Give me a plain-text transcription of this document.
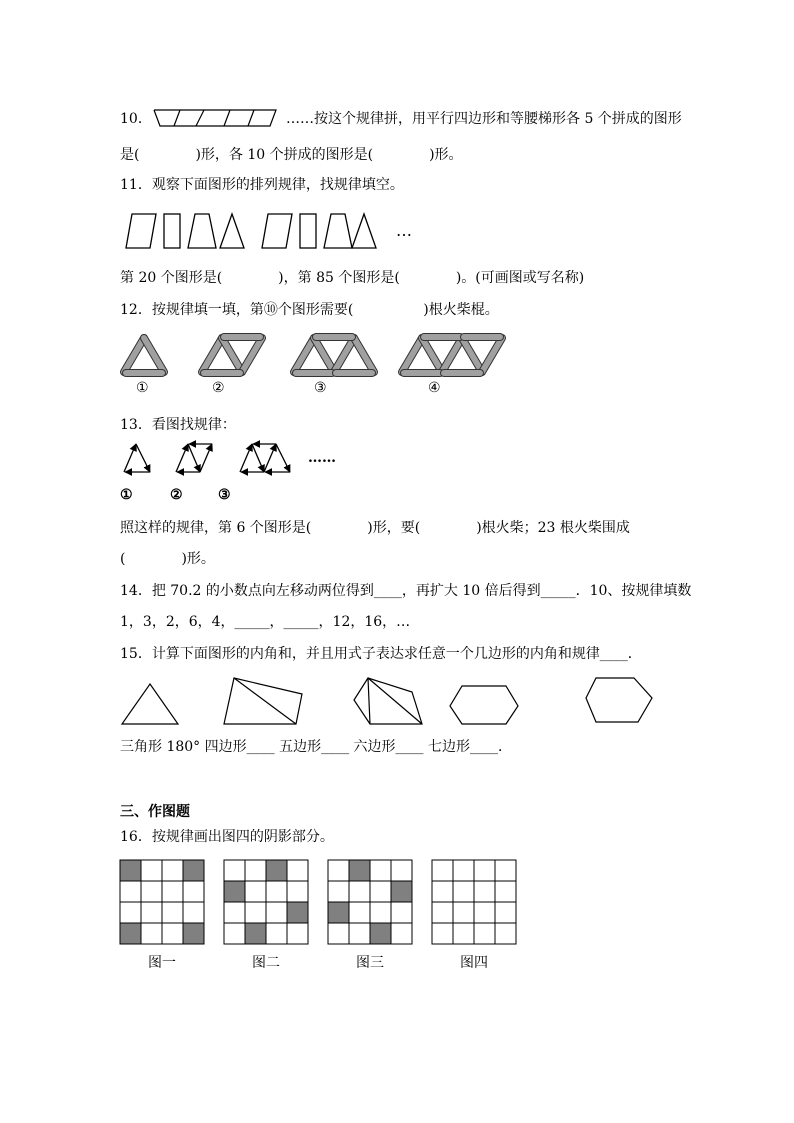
10．	……按这个规律拼，用平行四边形和等腰梯形各 5 个拼成的图形
是(　　　　)形，各 10 个拼成的图形是(　　　　)形。
11．观察下面图形的排列规律，找规律填空。
…
第 20 个图形是(　　　　)，第 85 个图形是(　　　　)。(可画图或写名称)
12．按规律填一填，第⑩个图形需要(　　　　　)根火柴棍。
①	②	③	④
13．看图找规律：
……
①	②	③
照这样的规律，第 6 个图形是(　　　　)形，要(　　　　)根火柴；23 根火柴围成
(　　　　)形。
14．把 70.2 的小数点向左移动两位得到____，再扩大 10 倍后得到_____．10、按规律填数
1，3，2，6，4，_____，_____，12，16，…
15．计算下面图形的内角和，并且用式子表达求任意一个几边形的内角和规律____．
三角形 180° 四边形____ 五边形____ 六边形____ 七边形____．
三、作图题
16．按规律画出图四的阴影部分。
图一	图二	图三	图四
